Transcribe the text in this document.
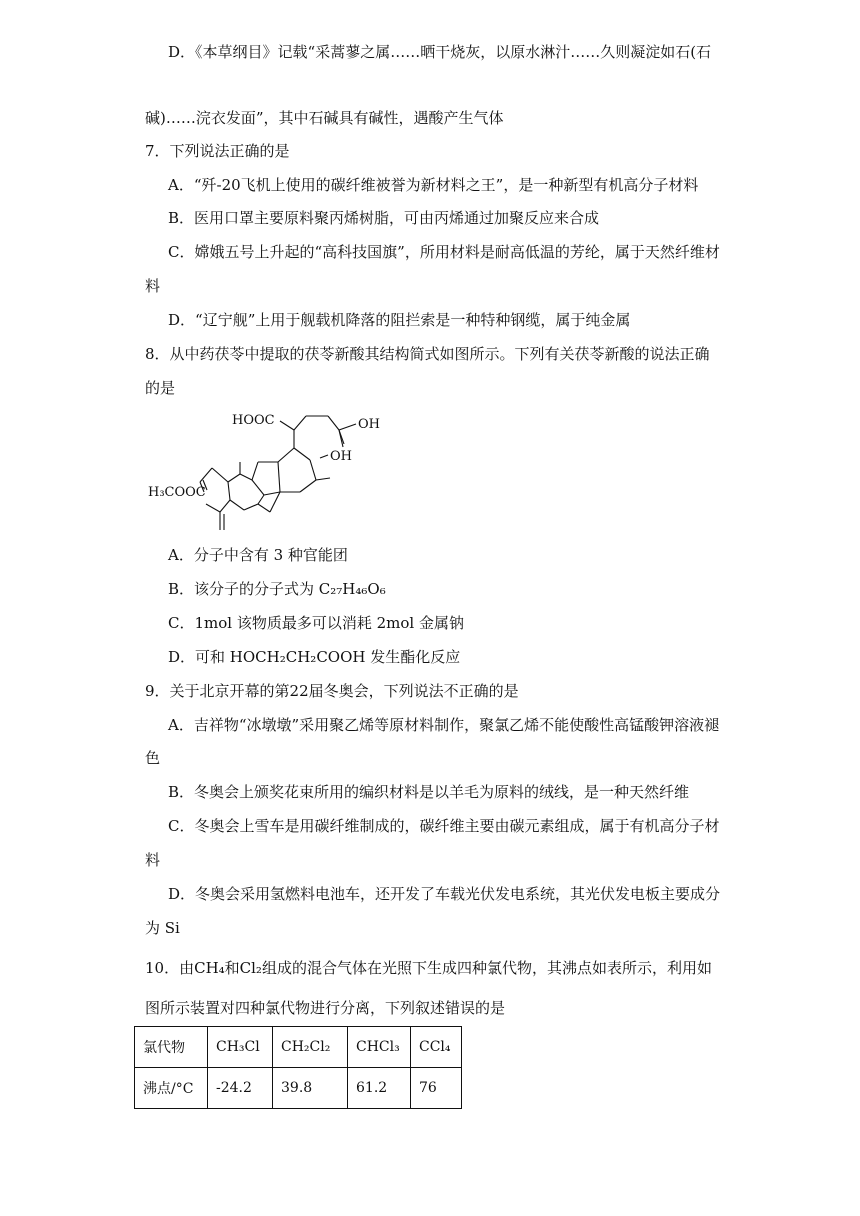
D．《本草纲目》记载“采蒿蓼之属……晒干烧灰，以原水淋汁……久则凝淀如石(石
碱)……浣衣发面”，其中石碱具有碱性，遇酸产生气体
7．下列说法正确的是
A．“歼-20飞机上使用的碳纤维被誉为新材料之王”，是一种新型有机高分子材料
B．医用口罩主要原料聚丙烯树脂，可由丙烯通过加聚反应来合成
C．嫦娥五号上升起的“高科技国旗”，所用材料是耐高低温的芳纶，属于天然纤维材
料
D．“辽宁舰”上用于舰载机降落的阻拦索是一种特种钢缆，属于纯金属
8．从中药茯苓中提取的茯苓新酸其结构简式如图所示。下列有关茯苓新酸的说法正确
的是
HOOC	OH
OH
H₃COOC
A．分子中含有 3 种官能团
B．该分子的分子式为 C₂₇H₄₆O₆
C．1mol 该物质最多可以消耗 2mol 金属钠
D．可和 HOCH₂CH₂COOH 发生酯化反应
9．关于北京开幕的第22届冬奥会，下列说法不正确的是
A．吉祥物“冰墩墩”采用聚乙烯等原材料制作，聚氯乙烯不能使酸性高锰酸钾溶液褪
色
B．冬奥会上颁奖花束所用的编织材料是以羊毛为原料的绒线，是一种天然纤维
C．冬奥会上雪车是用碳纤维制成的，碳纤维主要由碳元素组成，属于有机高分子材
料
D．冬奥会采用氢燃料电池车，还开发了车载光伏发电系统，其光伏发电板主要成分
为 Si
10．由CH₄和Cl₂组成的混合气体在光照下生成四种氯代物，其沸点如表所示，利用如
图所示装置对四种氯代物进行分离，下列叙述错误的是
氯代物	CH₃Cl	CH₂Cl₂	CHCl₃	CCl₄
沸点/°C	-24.2	39.8	61.2	76
